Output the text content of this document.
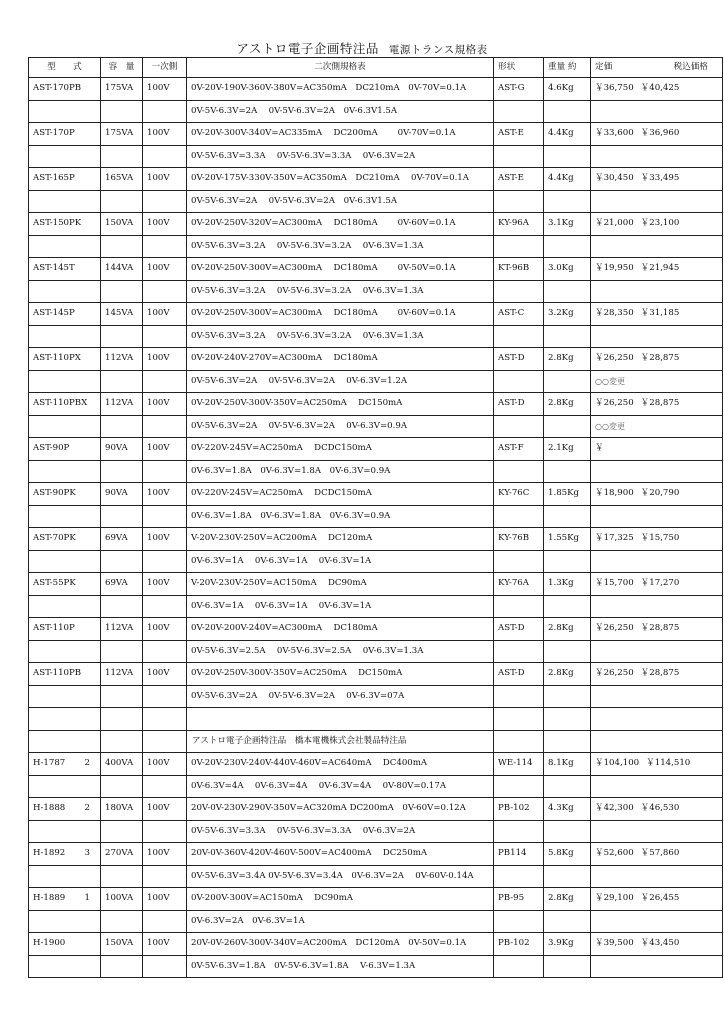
アストロ電子企画特注品 電源トランス規格表
型　　式	容　量	一次側	二次側規格表	形状	重量 約	定価 税込価格

AST-170PB	175VA	100V	0V-20V-190V-360V-380V=AC350mA　DC210mA　0V-70V=0.1A	AST-G	4.6Kg	￥36,750 ￥40,425
			0V-5V-6.3V=2A　 0V-5V-6.3V=2A　0V-6.3V1.5A			
AST-170P	175VA	100V	0V-20V-300V-340V=AC335mA　 DC200mA　　 0V-70V=0.1A	AST-E	4.4Kg	￥33,600 ￥36,960
			0V-5V-6.3V=3.3A　 0V-5V-6.3V=3.3A　 0V-6.3V=2A			
AST-165P	165VA	100V	0V-20V-175V-330V-350V=AC350mA　DC210mA　 0V-70V=0.1A	AST-E	4.4Kg	￥30,450 ￥33,495
			0V-5V-6.3V=2A　 0V-5V-6.3V=2A　0V-6.3V1.5A			
AST-150PK	150VA	100V	0V-20V-250V-320V=AC300mA　 DC180mA　　 0V-60V=0.1A	KY-96A	3.1Kg	￥21,000 ￥23,100
			0V-5V-6.3V=3.2A　 0V-5V-6.3V=3.2A　 0V-6.3V=1.3A			
AST-145T	144VA	100V	0V-20V-250V-300V=AC300mA　 DC180mA　　 0V-50V=0.1A	KT-96B	3.0Kg	￥19,950 ￥21,945
			0V-5V-6.3V=3.2A　 0V-5V-6.3V=3.2A　 0V-6.3V=1.3A			
AST-145P	145VA	100V	0V-20V-250V-300V=AC300mA　 DC180mA　　 0V-60V=0.1A	AST-C	3.2Kg	￥28,350 ￥31,185
			0V-5V-6.3V=3.2A　 0V-5V-6.3V=3.2A　 0V-6.3V=1.3A			
AST-110PX	112VA	100V	0V-20V-240V-270V=AC300mA　 DC180mA	AST-D	2.8Kg	￥26,250 ￥28,875
			0V-5V-6.3V=2A　 0V-5V-6.3V=2A　 0V-6.3V=1.2A			○○変更
AST-110PBX	112VA	100V	0V-20V-250V-300V-350V=AC250mA　 DC150mA	AST-D	2.8Kg	￥26,250 ￥28,875
			0V-5V-6.3V=2A　 0V-5V-6.3V=2A　 0V-6.3V=0.9A			○○変更
AST-90P	90VA	100V	0V-220V-245V=AC250mA　 DCDC150mA	AST-F	2.1Kg	￥
			0V-6.3V=1.8A　0V-6.3V=1.8A　0V-6.3V=0.9A			
AST-90PK	90VA	100V	0V-220V-245V=AC250mA　 DCDC150mA	KY-76C	1.85Kg	￥18,900 ￥20,790
			0V-6.3V=1.8A　0V-6.3V=1.8A　0V-6.3V=0.9A			
AST-70PK	69VA	100V	V-20V-230V-250V=AC200mA　 DC120mA	KY-76B	1.55Kg	￥17,325 ￥15,750
			0V-6.3V=1A　 0V-6.3V=1A　 0V-6.3V=1A			
AST-55PK	69VA	100V	V-20V-230V-250V=AC150mA　 DC90mA	KY-76A	1.3Kg	￥15,700 ￥17,270
			0V-6.3V=1A　 0V-6.3V=1A　 0V-6.3V=1A			
AST-110P	112VA	100V	0V-20V-200V-240V=AC300mA　 DC180mA	AST-D	2.8Kg	￥26,250 ￥28,875
			0V-5V-6.3V=2.5A　 0V-5V-6.3V=2.5A　 0V-6.3V=1.3A			
AST-110PB	112VA	100V	0V-20V-250V-300V-350V=AC250mA　 DC150mA	AST-D	2.8Kg	￥26,250 ￥28,875
			0V-5V-6.3V=2A　 0V-5V-6.3V=2A　 0V-6.3V=07A			

			アストロ電子企画特注品　橋本電機株式会社製品特注品			
H-1787 2	400VA	100V	0V-20V-230V-240V-440V-460V=AC640mA　 DC400mA	WE-114	8.1Kg	￥104,100 ￥114,510
			0V-6.3V=4A　 0V-6.3V=4A　 0V-6.3V=4A　 0V-80V=0.17A			
H-1888 2	180VA	100V	20V-0V-230V-290V-350V=AC320mA DC200mA　0V-60V=0.12A	PB-102	4.3Kg	￥42,300 ￥46,530
			0V-5V-6.3V=3.3A　 0V-5V-6.3V=3.3A　 0V-6.3V=2A			
H-1892 3	270VA	100V	20V-0V-360V-420V-460V-500V=AC400mA　 DC250mA	PB114	5.8Kg	￥52,600 ￥57,860
			0V-5V-6.3V=3.4A 0V-5V-6.3V=3.4A　0V-6.3V=2A　 0V-60V-0.14A			
H-1889 1	100VA	100V	0V-200V-300V=AC150mA　 DC90mA	PB-95	2.8Kg	￥29,100 ￥26,455
			0V-6.3V=2A　0V-6.3V=1A			
H-1900	150VA	100V	20V-0V-260V-300V-340V=AC200mA　DC120mA　0V-50V=0.1A	PB-102	3.9Kg	￥39,500 ￥43,450
			0V-5V-6.3V=1.8A　0V-5V-6.3V=1.8A　 V-6.3V=1.3A			
